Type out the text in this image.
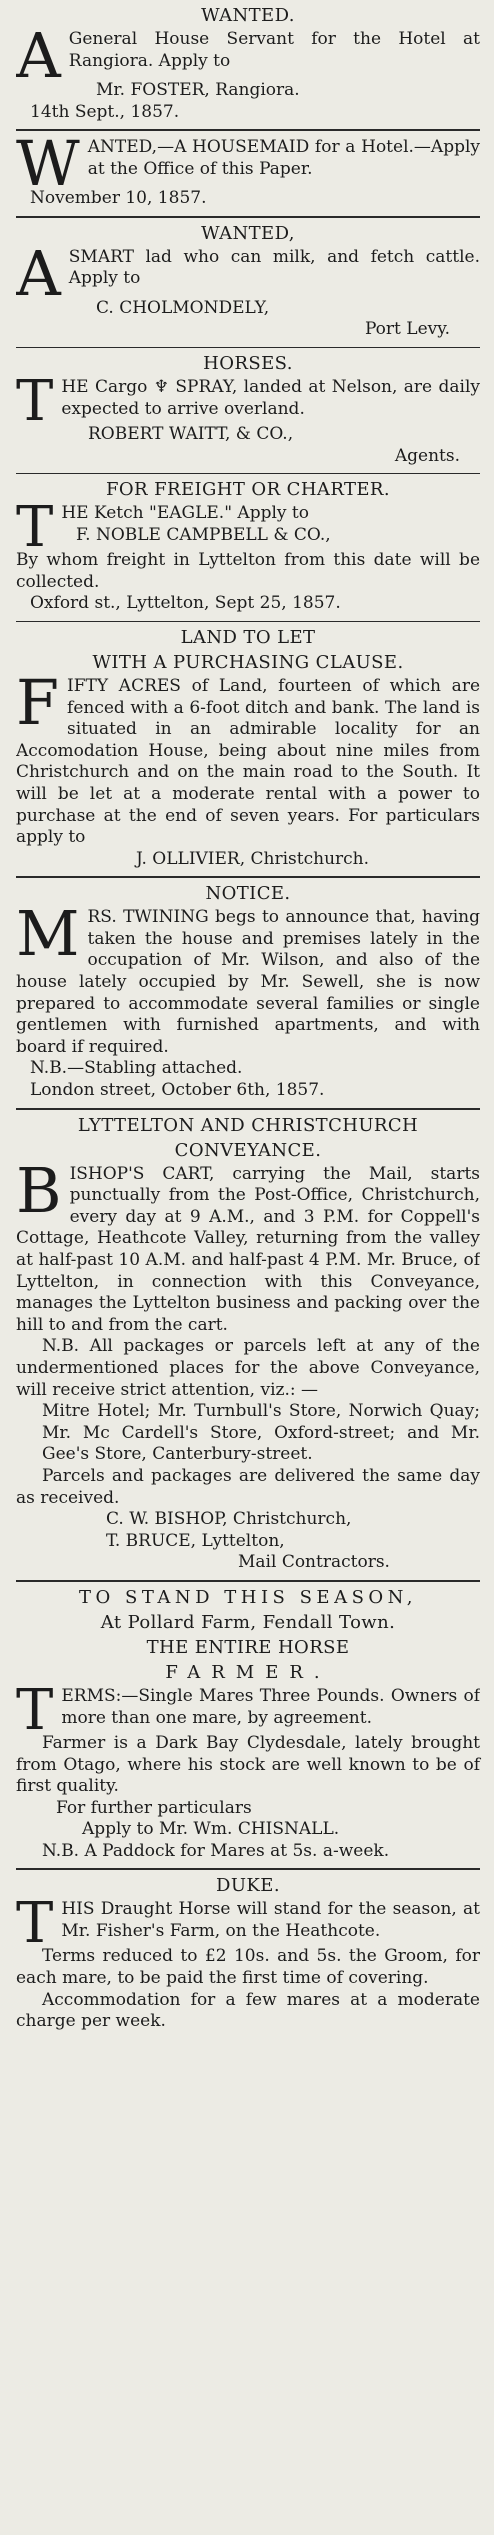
WANTED.
A General House Servant for the Hotel at Rangiora. Apply to

Mr. FOSTER, Rangiora.

14th Sept., 1857.

W ANTED,—A HOUSEMAID for a Hotel.—Apply at the Office of this Paper.

November 10, 1857.

WANTED,
A SMART lad who can milk, and fetch cattle. Apply to

C. CHOLMONDELY,

Port Levy.

HORSES.
T HE Cargo ♆ SPRAY, landed at Nelson, are daily expected to arrive overland.

ROBERT WAITT, & CO.,

Agents.

FOR FREIGHT OR CHARTER.
T HE Ketch "EAGLE." Apply to

F. NOBLE CAMPBELL & CO.,

By whom freight in Lyttelton from this date will be collected.

Oxford st., Lyttelton, Sept 25, 1857.

LAND TO LET
WITH A PURCHASING CLAUSE.
F IFTY ACRES of Land, fourteen of which are fenced with a 6-foot ditch and bank. The land is situated in an admirable locality for an Accomodation House, being about nine miles from Christchurch and on the main road to the South. It will be let at a moderate rental with a power to purchase at the end of seven years. For particulars apply to

J. OLLIVIER, Christchurch.

NOTICE.
M RS. TWINING begs to announce that, having taken the house and premises lately in the occupation of Mr. Wilson, and also of the house lately occupied by Mr. Sewell, she is now prepared to accommodate several families or single gentlemen with furnished apartments, and with board if required.

N.B.—Stabling attached.

London street, October 6th, 1857.

LYTTELTON AND CHRISTCHURCH
CONVEYANCE.
B ISHOP'S CART, carrying the Mail, starts punctually from the Post-Office, Christchurch, every day at 9 A.M., and 3 P.M. for Coppell's Cottage, Heathcote Valley, returning from the valley at half-past 10 A.M. and half-past 4 P.M. Mr. Bruce, of Lyttelton, in connection with this Conveyance, manages the Lyttelton business and packing over the hill to and from the cart.

N.B. All packages or parcels left at any of the undermentioned places for the above Conveyance, will receive strict attention, viz.: —

Mitre Hotel; Mr. Turnbull's Store, Norwich Quay; Mr. Mc Cardell's Store, Oxford-street; and Mr. Gee's Store, Canterbury-street.

Parcels and packages are delivered the same day as received.

C. W. BISHOP, Christchurch,

T. BRUCE, Lyttelton,

Mail Contractors.

TO STAND THIS SEASON,
At Pollard Farm, Fendall Town.
THE ENTIRE HORSE
FARMER.
T ERMS:—Single Mares Three Pounds. Owners of more than one mare, by agreement.

Farmer is a Dark Bay Clydesdale, lately brought from Otago, where his stock are well known to be of first quality.

For further particulars

Apply to Mr. Wm. CHISNALL.

N.B. A Paddock for Mares at 5s. a-week.

DUKE.
T HIS Draught Horse will stand for the season, at Mr. Fisher's Farm, on the Heathcote.

Terms reduced to £2 10s. and 5s. the Groom, for each mare, to be paid the first time of covering.

Accommodation for a few mares at a moderate charge per week.
